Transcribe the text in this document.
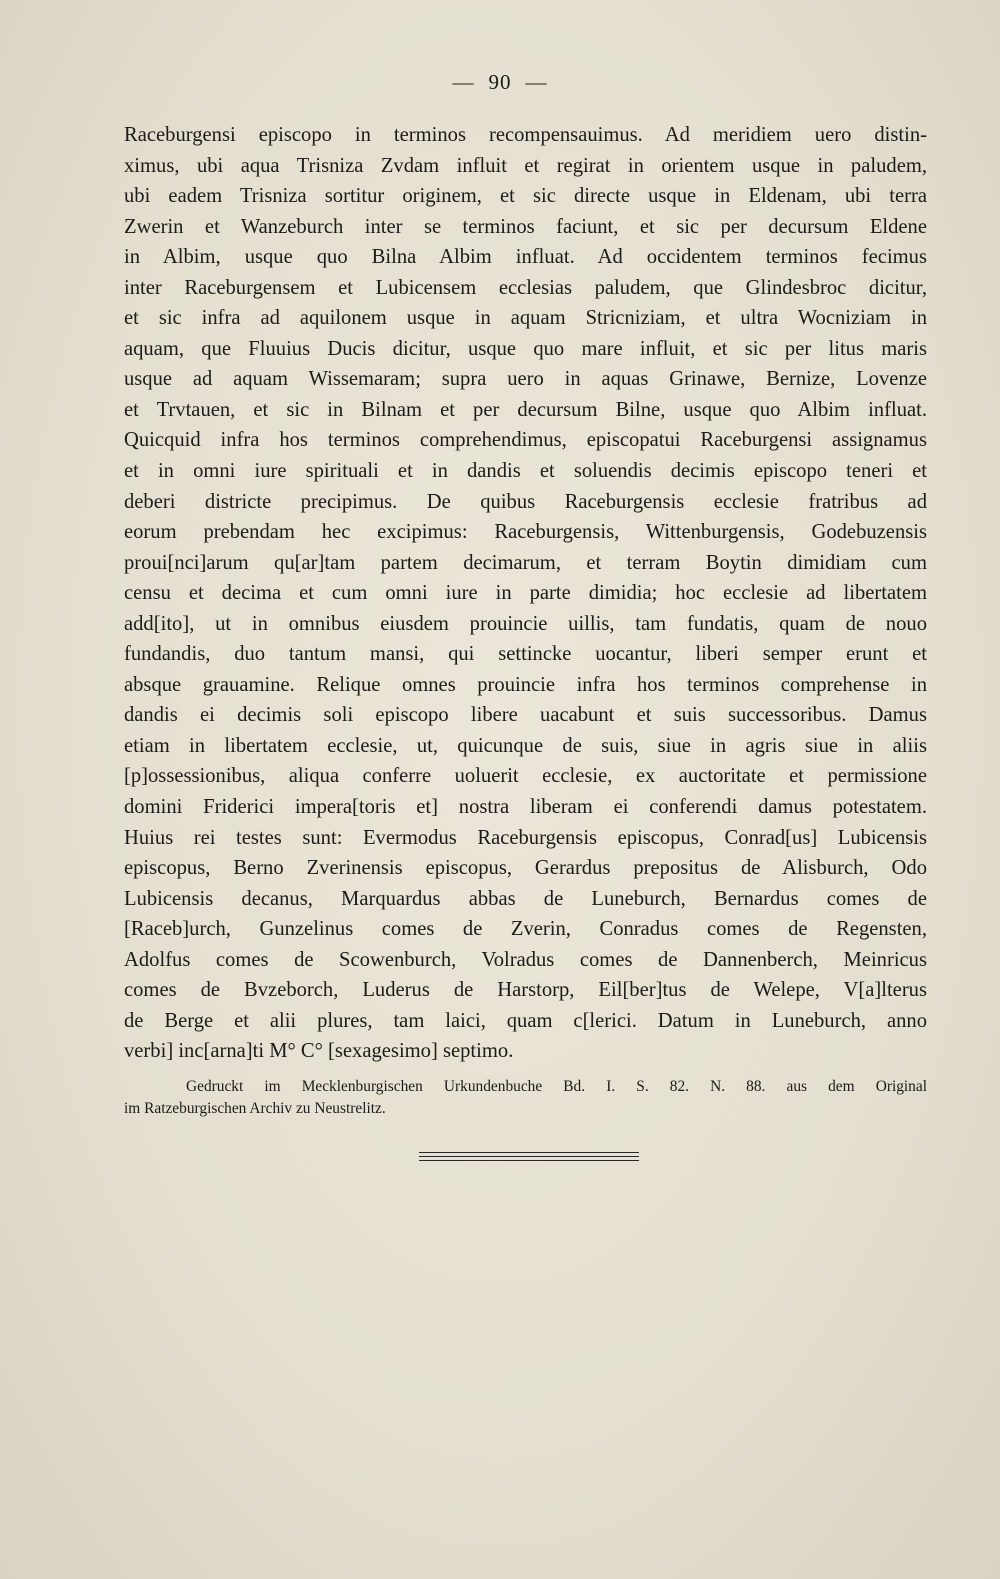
— 90 —
Raceburgensi episcopo in terminos recompensauimus. Ad meridiem uero distin-
ximus, ubi aqua Trisniza Zvdam influit et regirat in orientem usque in paludem,
ubi eadem Trisniza sortitur originem, et sic directe usque in Eldenam, ubi terra
Zwerin et Wanzeburch inter se terminos faciunt, et sic per decursum Eldene
in Albim, usque quo Bilna Albim influat. Ad occidentem terminos fecimus
inter Raceburgensem et Lubicensem ecclesias paludem, que Glindesbroc dicitur,
et sic infra ad aquilonem usque in aquam Stricniziam, et ultra Wocniziam in
aquam, que Fluuius Ducis dicitur, usque quo mare influit, et sic per litus maris
usque ad aquam Wissemaram; supra uero in aquas Grinawe, Bernize, Lovenze
et Trvtauen, et sic in Bilnam et per decursum Bilne, usque quo Albim influat.
Quicquid infra hos terminos comprehendimus, episcopatui Raceburgensi assignamus
et in omni iure spirituali et in dandis et soluendis decimis episcopo teneri et
deberi districte precipimus. De quibus Raceburgensis ecclesie fratribus ad
eorum prebendam hec excipimus: Raceburgensis, Wittenburgensis, Godebuzensis
proui[nci]arum qu[ar]tam partem decimarum, et terram Boytin dimidiam cum
censu et decima et cum omni iure in parte dimidia; hoc ecclesie ad libertatem
add[ito], ut in omnibus eiusdem prouincie uillis, tam fundatis, quam de nouo
fundandis, duo tantum mansi, qui settincke uocantur, liberi semper erunt et
absque grauamine. Relique omnes prouincie infra hos terminos comprehense in
dandis ei decimis soli episcopo libere uacabunt et suis successoribus. Damus
etiam in libertatem ecclesie, ut, quicunque de suis, siue in agris siue in aliis
[p]ossessionibus, aliqua conferre uoluerit ecclesie, ex auctoritate et permissione
domini Friderici impera[toris et] nostra liberam ei conferendi damus potestatem.
Huius rei testes sunt: Evermodus Raceburgensis episcopus, Conrad[us] Lubicensis
episcopus, Berno Zverinensis episcopus, Gerardus prepositus de Alisburch, Odo
Lubicensis decanus, Marquardus abbas de Luneburch, Bernardus comes de
[Raceb]urch, Gunzelinus comes de Zverin, Conradus comes de Regensten,
Adolfus comes de Scowenburch, Volradus comes de Dannenberch, Meinricus
comes de Bvzeborch, Luderus de Harstorp, Eil[ber]tus de Welepe, V[a]lterus
de Berge et alii plures, tam laici, quam c[lerici. Datum in Luneburch, anno
verbi] inc[arna]ti M° C° [sexagesimo] septimo.
Gedruckt im Mecklenburgischen Urkundenbuche Bd. I. S. 82. N. 88. aus dem Original
im Ratzeburgischen Archiv zu Neustrelitz.
